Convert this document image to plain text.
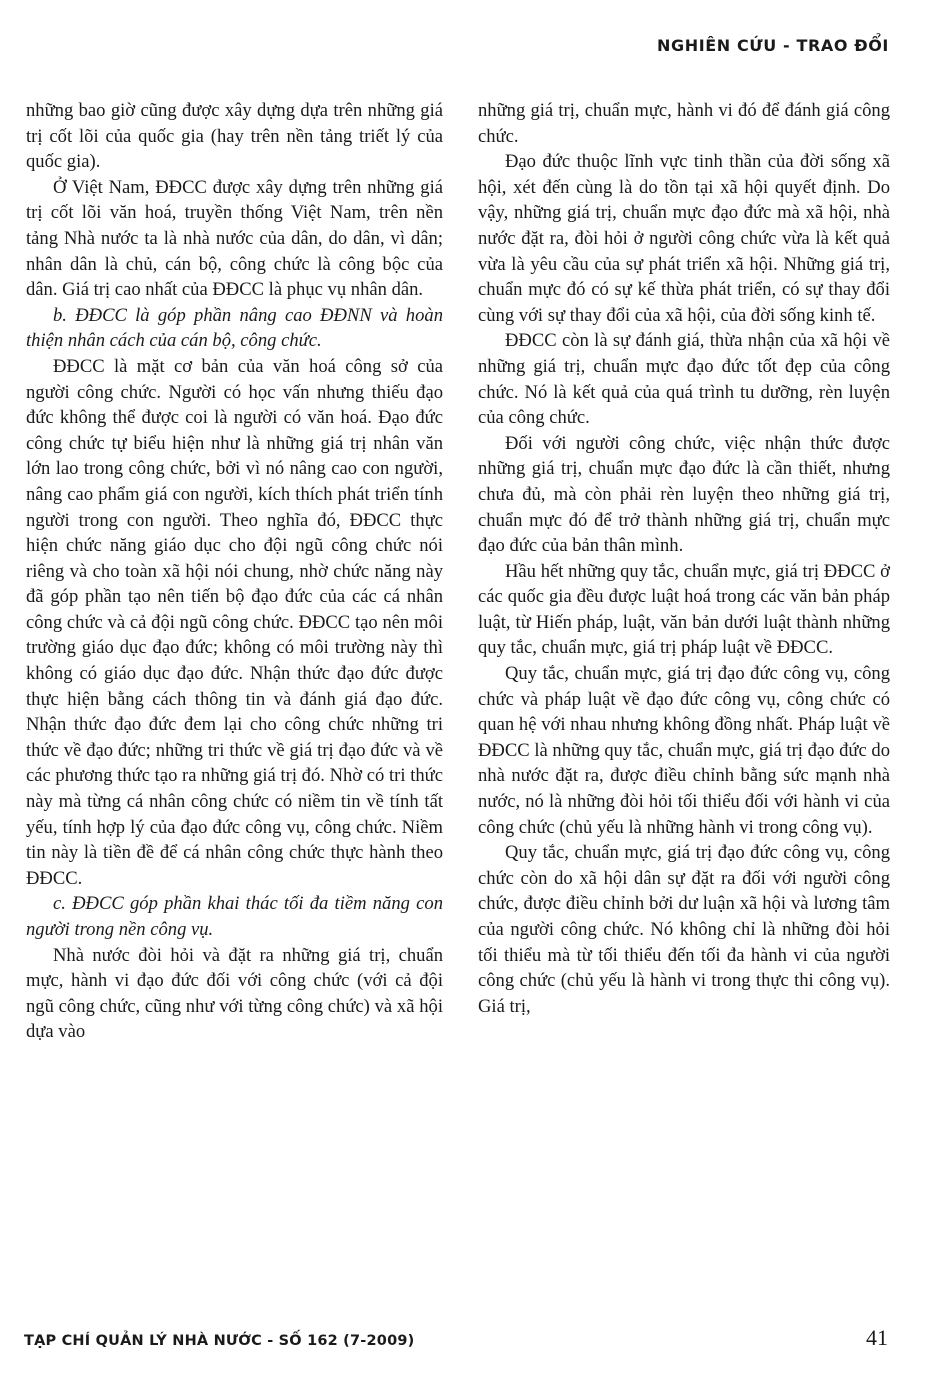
NGHIÊN CỨU - TRAO ĐỔI

những bao giờ cũng được xây dựng dựa trên những giá trị cốt lõi của quốc gia (hay trên nền tảng triết lý của quốc gia).

Ở Việt Nam, ĐĐCC được xây dựng trên những giá trị cốt lõi văn hoá, truyền thống Việt Nam, trên nền tảng Nhà nước ta là nhà nước của dân, do dân, vì dân; nhân dân là chủ, cán bộ, công chức là công bộc của dân. Giá trị cao nhất của ĐĐCC là phục vụ nhân dân.

b. ĐĐCC là góp phần nâng cao ĐĐNN và hoàn thiện nhân cách của cán bộ, công chức.

ĐĐCC là mặt cơ bản của văn hoá công sở của người công chức. Người có học vấn nhưng thiếu đạo đức không thể được coi là người có văn hoá. Đạo đức công chức tự biểu hiện như là những giá trị nhân văn lớn lao trong công chức, bởi vì nó nâng cao con người, nâng cao phẩm giá con người, kích thích phát triển tính người trong con người. Theo nghĩa đó, ĐĐCC thực hiện chức năng giáo dục cho đội ngũ công chức nói riêng và cho toàn xã hội nói chung, nhờ chức năng này đã góp phần tạo nên tiến bộ đạo đức của các cá nhân công chức và cả đội ngũ công chức. ĐĐCC tạo nên môi trường giáo dục đạo đức; không có môi trường này thì không có giáo dục đạo đức. Nhận thức đạo đức được thực hiện bằng cách thông tin và đánh giá đạo đức. Nhận thức đạo đức đem lại cho công chức những tri thức về đạo đức; những tri thức về giá trị đạo đức và về các phương thức tạo ra những giá trị đó. Nhờ có tri thức này mà từng cá nhân công chức có niềm tin về tính tất yếu, tính hợp lý của đạo đức công vụ, công chức. Niềm tin này là tiền đề để cá nhân công chức thực hành theo ĐĐCC.

c. ĐĐCC góp phần khai thác tối đa tiềm năng con người trong nền công vụ.

Nhà nước đòi hỏi và đặt ra những giá trị, chuẩn mực, hành vi đạo đức đối với công chức (với cả đội ngũ công chức, cũng như với từng công chức) và xã hội dựa vào

những giá trị, chuẩn mực, hành vi đó để đánh giá công chức.

Đạo đức thuộc lĩnh vực tinh thần của đời sống xã hội, xét đến cùng là do tồn tại xã hội quyết định. Do vậy, những giá trị, chuẩn mực đạo đức mà xã hội, nhà nước đặt ra, đòi hỏi ở người công chức vừa là kết quả vừa là yêu cầu của sự phát triển xã hội. Những giá trị, chuẩn mực đó có sự kế thừa phát triển, có sự thay đổi cùng với sự thay đổi của xã hội, của đời sống kinh tế.

ĐĐCC còn là sự đánh giá, thừa nhận của xã hội về những giá trị, chuẩn mực đạo đức tốt đẹp của công chức. Nó là kết quả của quá trình tu dưỡng, rèn luyện của công chức.

Đối với người công chức, việc nhận thức được những giá trị, chuẩn mực đạo đức là cần thiết, nhưng chưa đủ, mà còn phải rèn luyện theo những giá trị, chuẩn mực đó để trở thành những giá trị, chuẩn mực đạo đức của bản thân mình.

Hầu hết những quy tắc, chuẩn mực, giá trị ĐĐCC ở các quốc gia đều được luật hoá trong các văn bản pháp luật, từ Hiến pháp, luật, văn bản dưới luật thành những quy tắc, chuẩn mực, giá trị pháp luật về ĐĐCC.

Quy tắc, chuẩn mực, giá trị đạo đức công vụ, công chức và pháp luật về đạo đức công vụ, công chức có quan hệ với nhau nhưng không đồng nhất. Pháp luật về ĐĐCC là những quy tắc, chuẩn mực, giá trị đạo đức do nhà nước đặt ra, được điều chỉnh bằng sức mạnh nhà nước, nó là những đòi hỏi tối thiểu đối với hành vi của công chức (chủ yếu là những hành vi trong công vụ).

Quy tắc, chuẩn mực, giá trị đạo đức công vụ, công chức còn do xã hội dân sự đặt ra đối với người công chức, được điều chỉnh bởi dư luận xã hội và lương tâm của người công chức. Nó không chỉ là những đòi hỏi tối thiểu mà từ tối thiểu đến tối đa hành vi của người công chức (chủ yếu là hành vi trong thực thi công vụ). Giá trị,

TẠP CHÍ QUẢN LÝ NHÀ NƯỚC - SỐ 162 (7-2009)	41
